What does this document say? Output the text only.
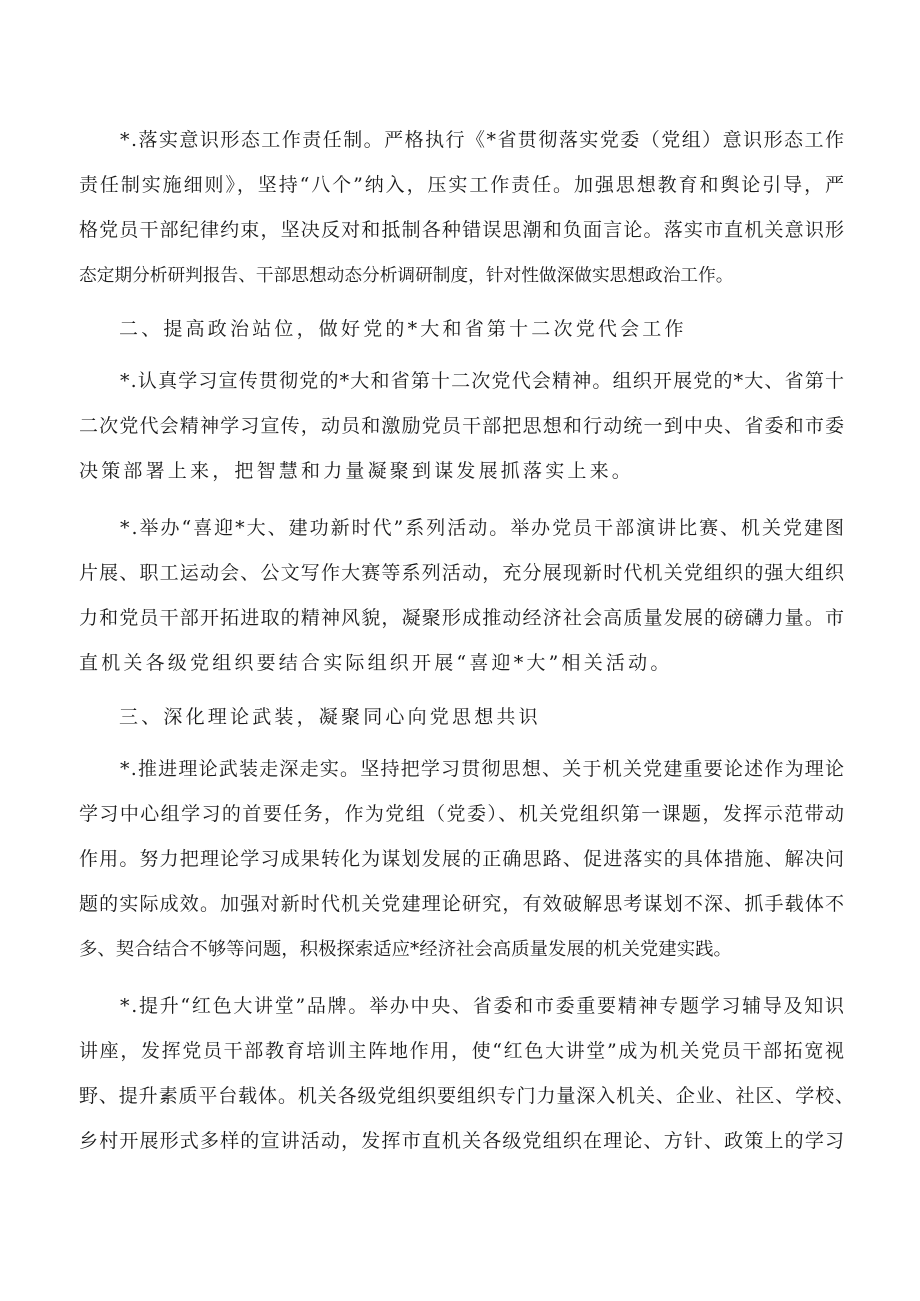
*.落实意识形态工作责任制。严格执行《*省贯彻落实党委（党组）意识形态工作
责任制实施细则》，坚持“八个”纳入，压实工作责任。加强思想教育和舆论引导，严
格党员干部纪律约束，坚决反对和抵制各种错误思潮和负面言论。落实市直机关意识形
态定期分析研判报告、干部思想动态分析调研制度，针对性做深做实思想政治工作。
二、提高政治站位，做好党的*大和省第十二次党代会工作
*.认真学习宣传贯彻党的*大和省第十二次党代会精神。组织开展党的*大、省第十
二次党代会精神学习宣传，动员和激励党员干部把思想和行动统一到中央、省委和市委
决策部署上来，把智慧和力量凝聚到谋发展抓落实上来。
*.举办“喜迎*大、建功新时代”系列活动。举办党员干部演讲比赛、机关党建图
片展、职工运动会、公文写作大赛等系列活动，充分展现新时代机关党组织的强大组织
力和党员干部开拓进取的精神风貌，凝聚形成推动经济社会高质量发展的磅礴力量。市
直机关各级党组织要结合实际组织开展“喜迎*大”相关活动。
三、深化理论武装，凝聚同心向党思想共识
*.推进理论武装走深走实。坚持把学习贯彻思想、关于机关党建重要论述作为理论
学习中心组学习的首要任务，作为党组（党委）、机关党组织第一课题，发挥示范带动
作用。努力把理论学习成果转化为谋划发展的正确思路、促进落实的具体措施、解决问
题的实际成效。加强对新时代机关党建理论研究，有效破解思考谋划不深、抓手载体不
多、契合结合不够等问题，积极探索适应*经济社会高质量发展的机关党建实践。
*.提升“红色大讲堂”品牌。举办中央、省委和市委重要精神专题学习辅导及知识
讲座，发挥党员干部教育培训主阵地作用，使“红色大讲堂”成为机关党员干部拓宽视
野、提升素质平台载体。机关各级党组织要组织专门力量深入机关、企业、社区、学校、
乡村开展形式多样的宣讲活动，发挥市直机关各级党组织在理论、方针、政策上的学习
